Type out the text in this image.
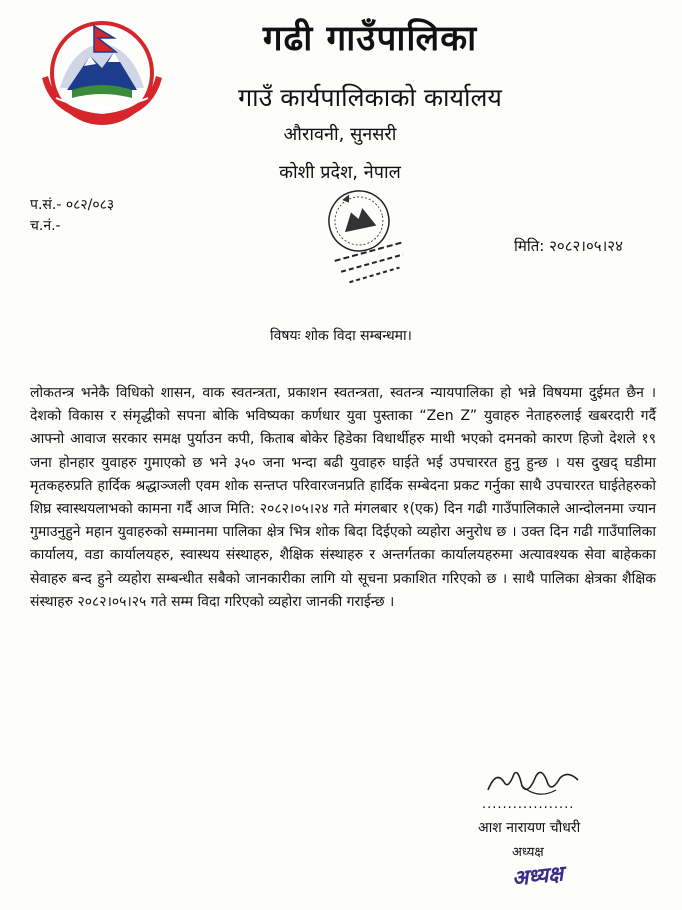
गढी गाउँपालिका
गाउँ कार्यपालिकाको कार्यालय
औरावनी, सुनसरी
कोशी प्रदेश, नेपाल
प.सं.- ०८२/०८३
च.नं.-
मिति: २०८२।०५।२४
विषयः शोक विदा सम्बन्धमा।
लोकतन्त्र भनेकै विधिको शासन, वाक स्वतन्त्रता, प्रकाशन स्वतन्त्रता, स्वतन्त्र न्यायपालिका हो भन्ने विषयमा दुईमत छैन । देशको विकास र संमृद्धीको सपना बोकि भविष्यका कर्णधार युवा पुस्ताका “Zen Z” युवाहरु नेताहरुलाई खबरदारी गर्दै आफ्नो आवाज सरकार समक्ष पुर्याउन कपी, किताब बोकेर हिडेका विधार्थीहरु माथी भएको दमनको कारण हिजो देशले १९ जना होनहार युवाहरु गुमाएको छ भने ३५० जना भन्दा बढी युवाहरु घाईते भई उपचाररत हुनु हुन्छ । यस दुखद् घडीमा मृतकहरुप्रति हार्दिक श्रद्धाञ्जली एवम शोक सन्तप्त परिवारजनप्रति हार्दिक सम्बेदना प्रकट गर्नुका साथै उपचाररत घाईतेहरुको शिघ्र स्वास्थयलाभको कामना गर्दै आज मिति: २०८२।०५।२४ गते मंगलबार १(एक) दिन गढी गाउँपालिकाले आन्दोलनमा ज्यान गुमाउनुहुने महान युवाहरुको सम्मानमा पालिका क्षेत्र भित्र शोक बिदा दिईएको व्यहोरा अनुरोध छ । उक्त दिन गढी गाउँपालिका कार्यालय, वडा कार्यालयहरु, स्वास्थय संस्थाहरु, शैक्षिक संस्थाहरु र अन्तर्गतका कार्यालयहरुमा अत्यावश्यक सेवा बाहेकका सेवाहरु बन्द हुने व्यहोरा सम्बन्धीत सबैको जानकारीका लागि यो सूचना प्रकाशित गरिएको छ । साथै पालिका क्षेत्रका शैक्षिक संस्थाहरु २०८२।०५।२५ गते सम्म विदा गरिएको व्यहोरा जानकी गराईन्छ ।
..................
आश नारायण चौधरी
अध्यक्ष
अध्यक्ष
